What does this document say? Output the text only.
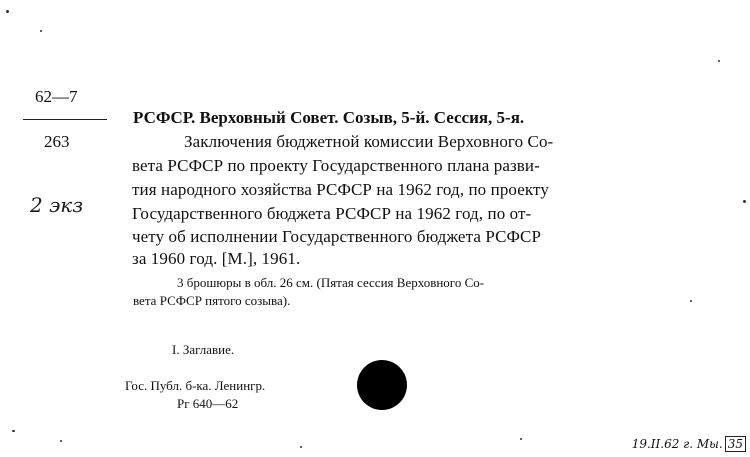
62—7
263
2 экз
РСФСР. Верховный Совет. Созыв, 5-й. Сессия, 5-я.
Заключения бюджетной комиссии Верховного Со-
вета РСФСР по проекту Государственного плана разви-
тия народного хозяйства РСФСР на 1962 год, по проекту
Государственного бюджета РСФСР на 1962 год, по от-
чету об исполнении Государственного бюджета РСФСР
за 1960 год. [М.], 1961.
3 брошюры в обл. 26 см. (Пятая сессия Верховного Со-
вета РСФСР пятого созыва).
I. Заглавие.
Гос. Публ. б-ка. Ленингр.
Рг 640—62
19.II.62 г. Мы. 35
